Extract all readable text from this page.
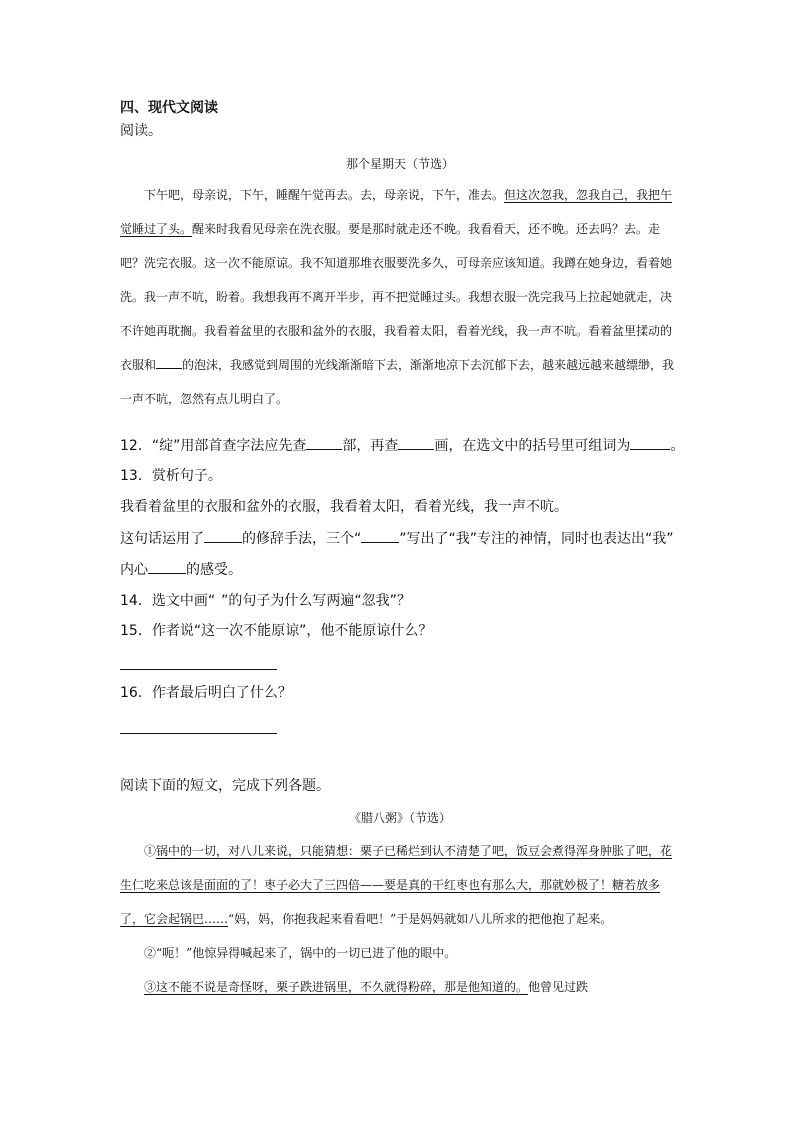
四、现代文阅读
阅读。
那个星期天（节选）

下午吧，母亲说，下午，睡醒午觉再去。去，母亲说，下午，准去。但这次忽我，忽我自己，我把午觉睡过了头。醒来时我看见母亲在洗衣服。要是那时就走还不晚。我看看天，还不晚。还去吗？去。走吧？洗完衣服。这一次不能原谅。我不知道那堆衣服要洗多久，可母亲应该知道。我蹲在她身边，看着她洗。我一声不吭，盼着。我想我再不离开半步，再不把觉睡过头。我想衣服一洗完我马上拉起她就走，决不许她再耽搁。我看着盆里的衣服和盆外的衣服，我看着太阳，看着光线，我一声不吭。看着盆里揉动的衣服和 的泡沫，我感觉到周围的光线渐渐暗下去，渐渐地凉下去沉郁下去，越来越远越来越缥缈，我一声不吭，忽然有点儿明白了。

12．“绽”用部首查字法应先查	部，再查	画，在选文中的括号里可组词为	。
13．赏析句子。
我看着盆里的衣服和盆外的衣服，我看着太阳，看着光线，我一声不吭。
这句话运用了	的修辞手法，三个“	”写出了“我”专注的神情，同时也表达出“我”
内心	的感受。
14．选文中画“ ”的句子为什么写两遍“忽我”？
15．作者说“这一次不能原谅”，他不能原谅什么？
16．作者最后明白了什么？
阅读下面的短文，完成下列各题。
《腊八粥》（节选）

①锅中的一切，对八儿来说，只能猜想：栗子已稀烂到认不清楚了吧，饭豆会煮得浑身肿胀了吧，花生仁吃来总该是面面的了！枣子必大了三四倍——要是真的干红枣也有那么大，那就妙极了！糖若放多了，它会起锅巴……“妈，妈，你抱我起来看看吧！”于是妈妈就如八儿所求的把他抱了起来。

②“呃！”他惊异得喊起来了，锅中的一切已进了他的眼中。

③这不能不说是奇怪呀，栗子跌进锅里，不久就得粉碎，那是他知道的。他曾见过跌
